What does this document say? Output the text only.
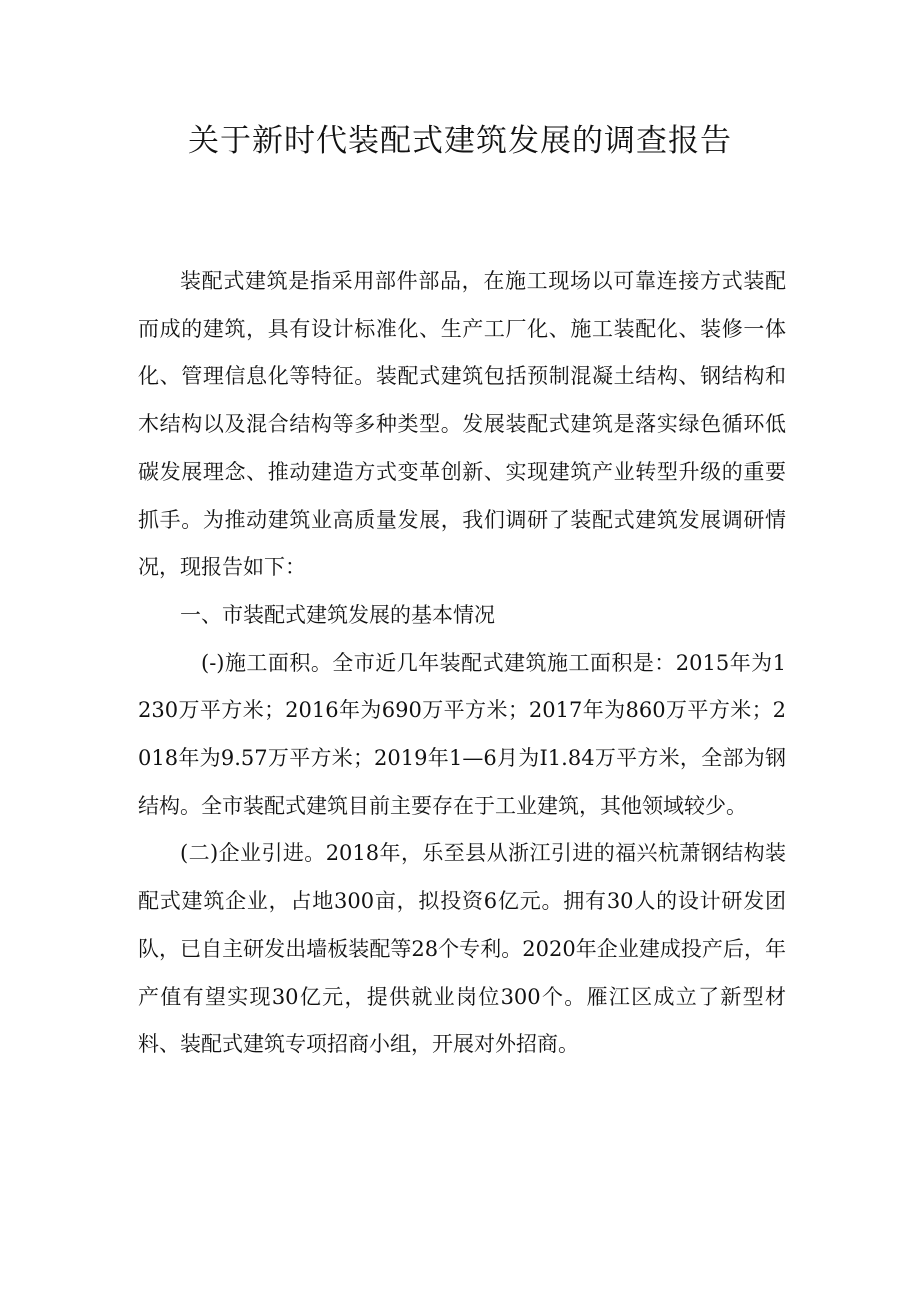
关于新时代装配式建筑发展的调查报告

装配式建筑是指采用部件部品，在施工现场以可靠连接方式装配而成的建筑，具有设计标准化、生产工厂化、施工装配化、装修一体化、管理信息化等特征。装配式建筑包括预制混凝土结构、钢结构和木结构以及混合结构等多种类型。发展装配式建筑是落实绿色循环低碳发展理念、推动建造方式变革创新、实现建筑产业转型升级的重要抓手。为推动建筑业高质量发展，我们调研了装配式建筑发展调研情况，现报告如下：

一、市装配式建筑发展的基本情况

(-)施工面积。全市近几年装配式建筑施工面积是：2015年为1230万平方米；2016年为690万平方米；2017年为860万平方米；2018年为9.57万平方米；2019年1—6月为I1.84万平方米，全部为钢结构。全市装配式建筑目前主要存在于工业建筑，其他领域较少。

(二)企业引进。2018年，乐至县从浙江引进的福兴杭萧钢结构装配式建筑企业，占地300亩，拟投资6亿元。拥有30人的设计研发团队，已自主研发出墙板装配等28个专利。2020年企业建成投产后，年产值有望实现30亿元，提供就业岗位300个。雁江区成立了新型材料、装配式建筑专项招商小组，开展对外招商。
